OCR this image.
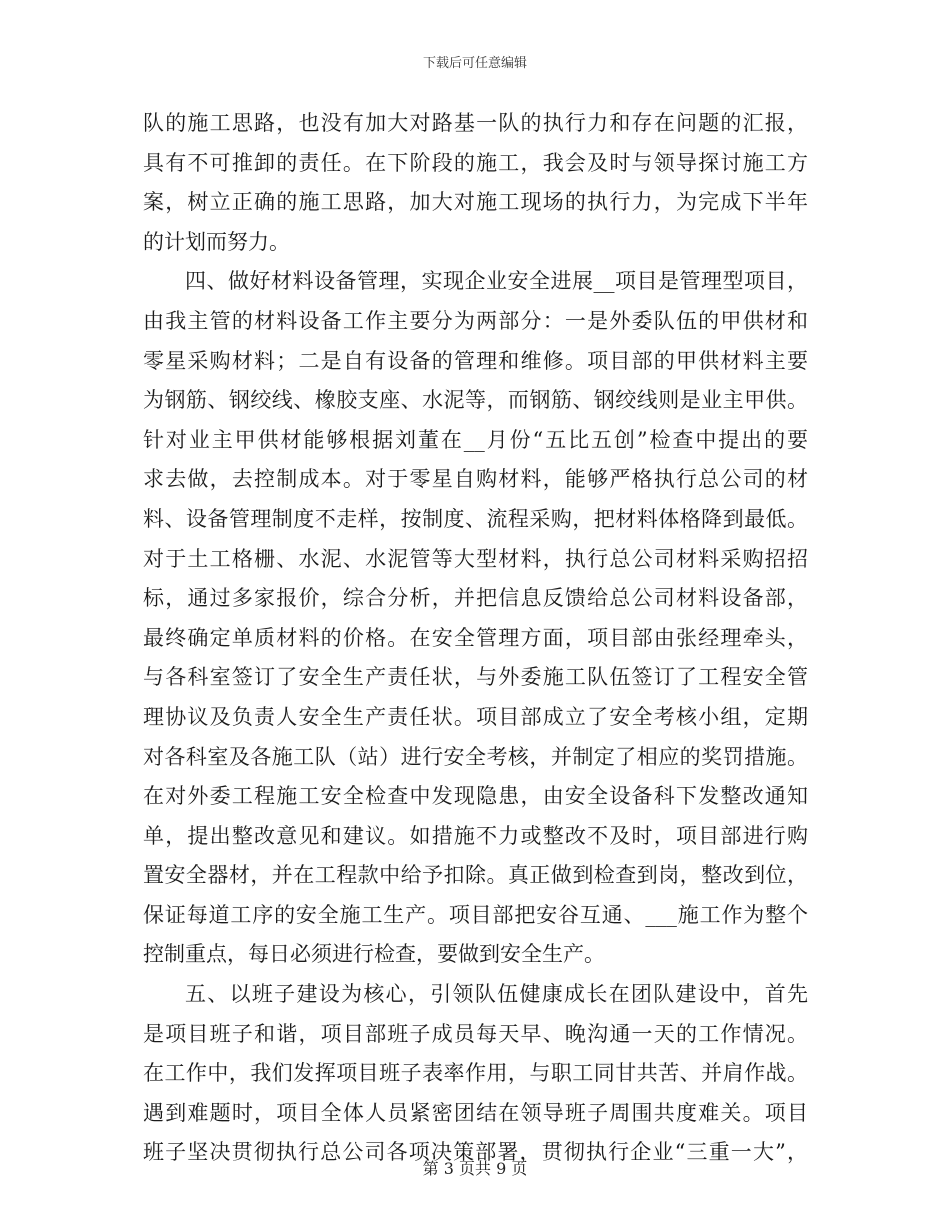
下载后可任意编辑
队的施工思路，也没有加大对路基一队的执行力和存在问题的汇报，
具有不可推卸的责任。在下阶段的施工，我会及时与领导探讨施工方
案，树立正确的施工思路，加大对施工现场的执行力，为完成下半年
的计划而努力。
四、做好材料设备管理，实现企业安全进展__项目是管理型项目，
由我主管的材料设备工作主要分为两部分：一是外委队伍的甲供材和
零星采购材料；二是自有设备的管理和维修。项目部的甲供材料主要
为钢筋、钢绞线、橡胶支座、水泥等，而钢筋、钢绞线则是业主甲供。
针对业主甲供材能够根据刘董在__月份“五比五创”检查中提出的要
求去做，去控制成本。对于零星自购材料，能够严格执行总公司的材
料、设备管理制度不走样，按制度、流程采购，把材料体格降到最低。
对于土工格栅、水泥、水泥管等大型材料，执行总公司材料采购招招
标，通过多家报价，综合分析，并把信息反馈给总公司材料设备部，
最终确定单质材料的价格。在安全管理方面，项目部由张经理牵头，
与各科室签订了安全生产责任状，与外委施工队伍签订了工程安全管
理协议及负责人安全生产责任状。项目部成立了安全考核小组，定期
对各科室及各施工队（站）进行安全考核，并制定了相应的奖罚措施。
在对外委工程施工安全检查中发现隐患，由安全设备科下发整改通知
单，提出整改意见和建议。如措施不力或整改不及时，项目部进行购
置安全器材，并在工程款中给予扣除。真正做到检查到岗，整改到位，
保证每道工序的安全施工生产。项目部把安谷互通、___施工作为整个
控制重点，每日必须进行检查，要做到安全生产。
五、以班子建设为核心，引领队伍健康成长在团队建设中，首先
是项目班子和谐，项目部班子成员每天早、晚沟通一天的工作情况。
在工作中，我们发挥项目班子表率作用，与职工同甘共苦、并肩作战。
遇到难题时，项目全体人员紧密团结在领导班子周围共度难关。项目
班子坚决贯彻执行总公司各项决策部署，贯彻执行企业“三重一大”，
第 3 页共 9 页
